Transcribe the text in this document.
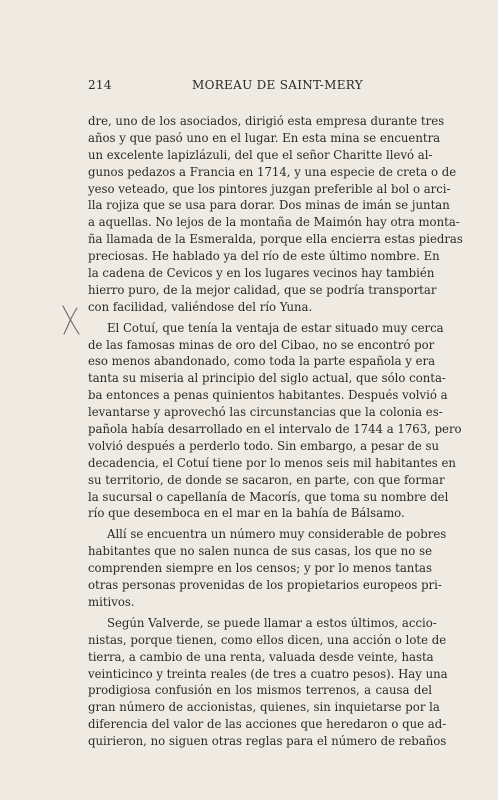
214	MOREAU DE SAINT-MERY
dre, uno de los asociados, dirigió esta empresa durante tres
años y que pasó uno en el lugar. En esta mina se encuentra
un excelente lapizlázuli, del que el señor Charitte llevó al-
gunos pedazos a Francia en 1714, y una especie de creta o de
yeso veteado, que los pintores juzgan preferible al bol o arci-
lla rojiza que se usa para dorar. Dos minas de imán se juntan
a aquellas. No lejos de la montaña de Maimón hay otra monta-
ña llamada de la Esmeralda, porque ella encierra estas piedras
preciosas. He hablado ya del río de este último nombre. En
la cadena de Cevicos y en los lugares vecinos hay también
hierro puro, de la mejor calidad, que se podría transportar
con facilidad, valiéndose del río Yuna.
El Cotuí, que tenía la ventaja de estar situado muy cerca
de las famosas minas de oro del Cibao, no se encontró por
eso menos abandonado, como toda la parte española y era
tanta su miseria al principio del siglo actual, que sólo conta-
ba entonces a penas quinientos habitantes. Después volvió a
levantarse y aprovechó las circunstancias que la colonia es-
pañola había desarrollado en el intervalo de 1744 a 1763, pero
volvió después a perderlo todo. Sin embargo, a pesar de su
decadencia, el Cotuí tiene por lo menos seis mil habitantes en
su territorio, de donde se sacaron, en parte, con que formar
la sucursal o capellanía de Macorís, que toma su nombre del
río que desemboca en el mar en la bahía de Bálsamo.
Allí se encuentra un número muy considerable de pobres
habitantes que no salen nunca de sus casas, los que no se
comprenden siempre en los censos; y por lo menos tantas
otras personas provenidas de los propietarios europeos pri-
mitivos.
Según Valverde, se puede llamar a estos últimos, accio-
nistas, porque tienen, como ellos dicen, una acción o lote de
tierra, a cambio de una renta, valuada desde veinte, hasta
veinticinco y treinta reales (de tres a cuatro pesos). Hay una
prodigiosa confusión en los mismos terrenos, a causa del
gran número de accionistas, quienes, sin inquietarse por la
diferencia del valor de las acciones que heredaron o que ad-
quirieron, no siguen otras reglas para el número de rebaños
